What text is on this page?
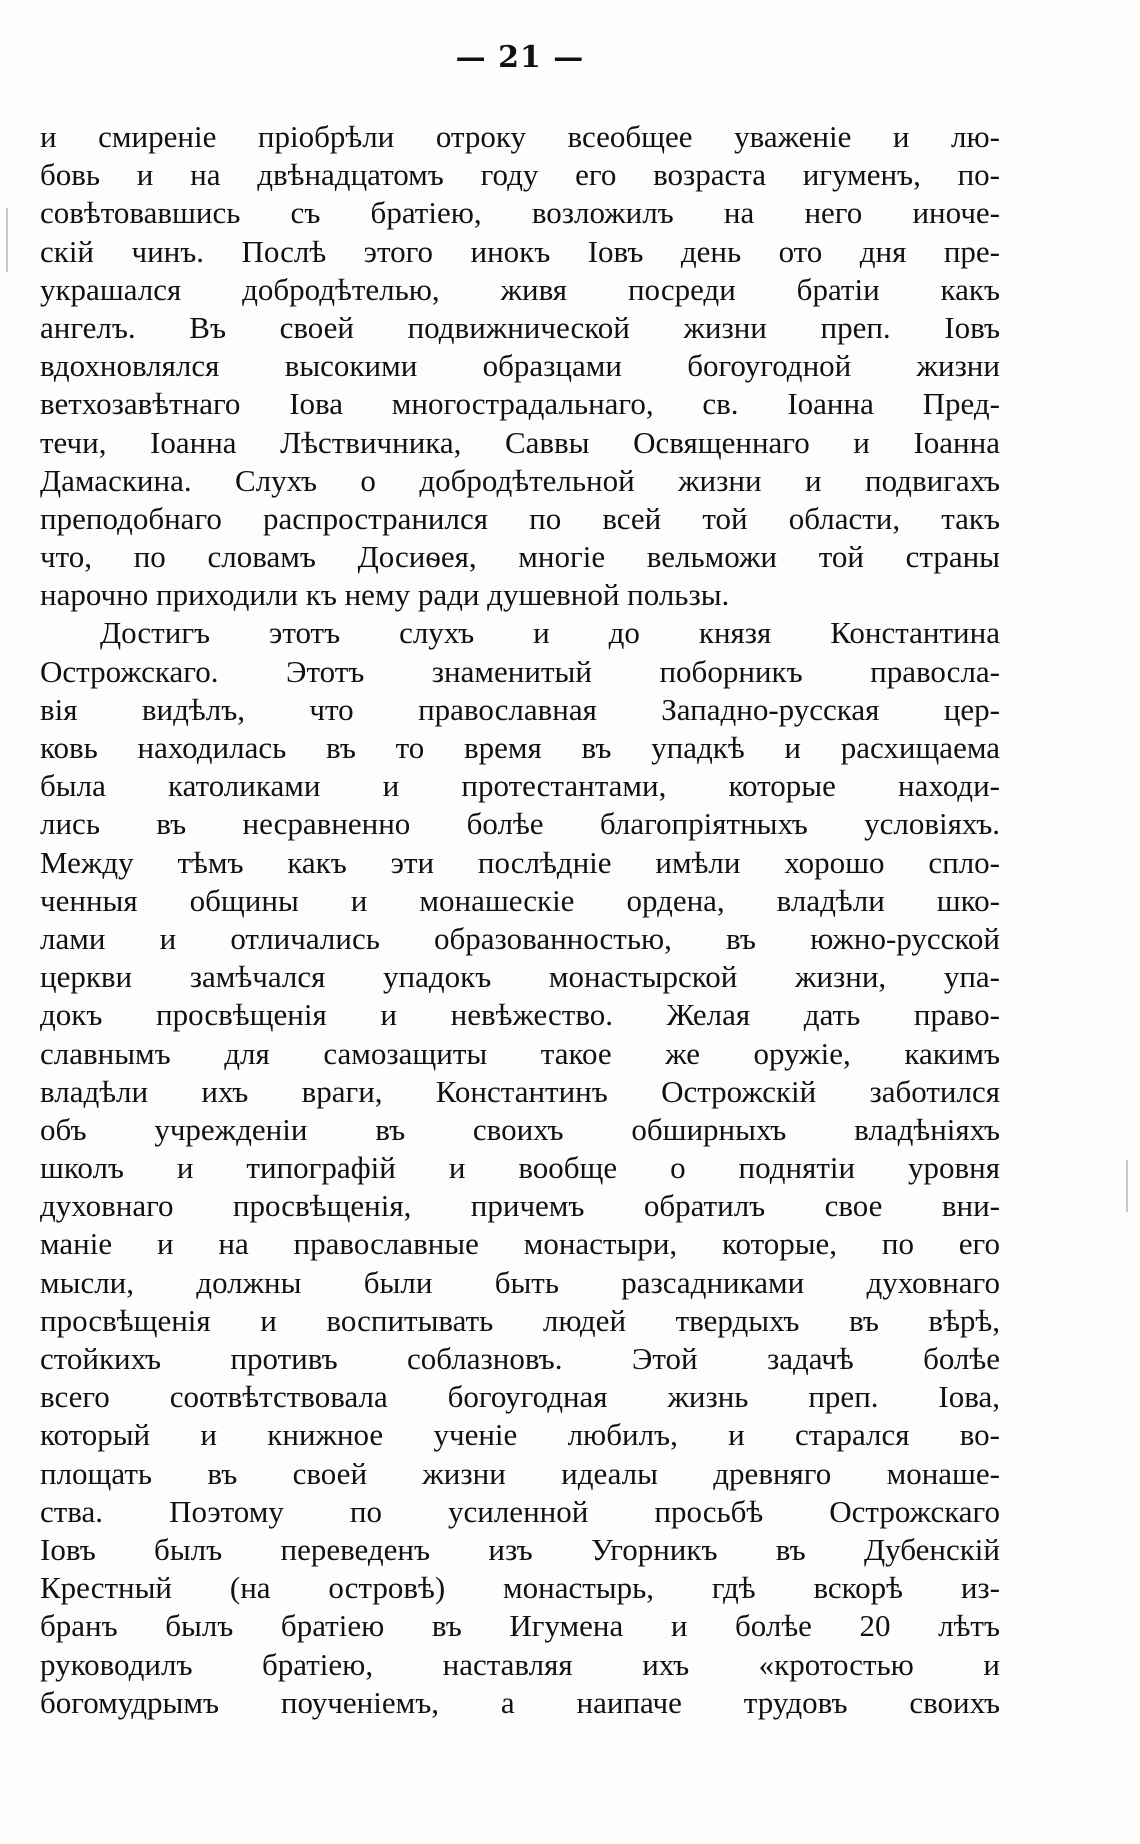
— 21 —
и смиреніе пріобрѣли отроку всеобщее уваженіе и лю-
бовь и на двѣнадцатомъ году его возраста игуменъ, по-
совѣтовавшись съ братіею, возложилъ на него иноче-
скій чинъ. Послѣ этого инокъ Іовъ день ото дня пре-
украшался добродѣтелью, живя посреди братіи какъ
ангелъ. Въ своей подвижнической жизни преп. Іовъ
вдохновлялся высокими образцами богоугодной жизни
ветхозавѣтнаго Іова многострадальнаго, св. Іоанна Пред-
течи, Іоанна Лѣствичника, Саввы Освященнаго и Іоанна
Дамаскина. Слухъ о добродѣтельной жизни и подвигахъ
преподобнаго распространился по всей той области, такъ
что, по словамъ Досиѳея, многіе вельможи той страны
нарочно приходили къ нему ради душевной пользы.
Достигъ этотъ слухъ и до князя Константина
Острожскаго. Этотъ знаменитый поборникъ правосла-
вія видѣлъ, что православная Западно-русская цер-
ковь находилась въ то время въ упадкѣ и расхищаема
была католиками и протестантами, которые находи-
лись въ несравненно болѣе благопріятныхъ условіяхъ.
Между тѣмъ какъ эти послѣдніе имѣли хорошо спло-
ченныя общины и монашескіе ордена, владѣли шко-
лами и отличались образованностью, въ южно-русской
церкви замѣчался упадокъ монастырской жизни, упа-
докъ просвѣщенія и невѣжество. Желая дать право-
славнымъ для самозащиты такое же оружіе, какимъ
владѣли ихъ враги, Константинъ Острожскій заботился
объ учрежденіи въ своихъ обширныхъ владѣніяхъ
школъ и типографій и вообще о поднятіи уровня
духовнаго просвѣщенія, причемъ обратилъ свое вни-
маніе и на православные монастыри, которые, по его
мысли, должны были быть разсадниками духовнаго
просвѣщенія и воспитывать людей твердыхъ въ вѣрѣ,
стойкихъ противъ соблазновъ. Этой задачѣ болѣе
всего соотвѣтствовала богоугодная жизнь преп. Іова,
который и книжное ученіе любилъ, и старался во-
площать въ своей жизни идеалы древняго монаше-
ства. Поэтому по усиленной просьбѣ Острожскаго
Іовъ былъ переведенъ изъ Угорникъ въ Дубенскій
Крестный (на островѣ) монастырь, гдѣ вскорѣ из-
бранъ былъ братіею въ Игумена и болѣе 20 лѣтъ
руководилъ братіею, наставляя ихъ «кротостью и
богомудрымъ поученіемъ, а наипаче трудовъ своихъ
